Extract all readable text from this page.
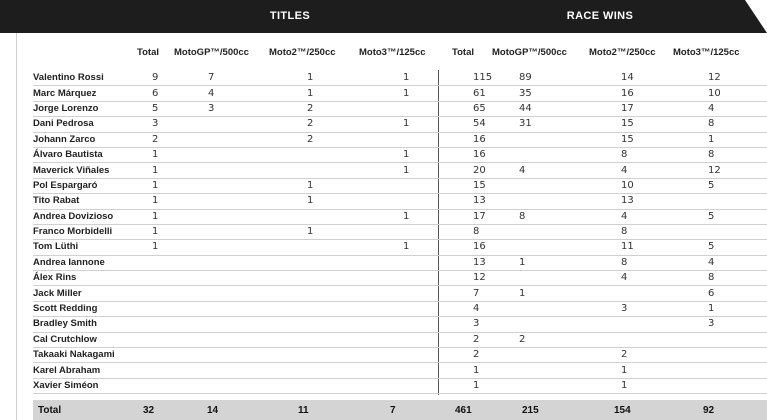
TITLES	RACE WINS
Total MotoGP™/500cc Moto2™/250cc Moto3™/125cc	Total MotoGP™/500cc Moto2™/250cc Moto3™/125cc
Valentino Rossi	9	7	1	1	115	89	14	12
Marc Márquez	6	4	1	1	61	35	16	10
Jorge Lorenzo	5	3	2		65	44	17	4
Dani Pedrosa	3		2	1	54	31	15	8
Johann Zarco	2		2		16		15	1
Álvaro Bautista	1			1	16		8	8
Maverick Viñales	1			1	20	4	4	12
Pol Espargaró	1		1		15		10	5
Tito Rabat	1		1		13		13	
Andrea Dovizioso	1			1	17	8	4	5
Franco Morbidelli	1		1		8		8	
Tom Lüthi	1			1	16		11	5
Andrea Iannone					13	1	8	4
Álex Rins					12		4	8
Jack Miller					7	1		6
Scott Redding					4		3	1
Bradley Smith					3			3
Cal Crutchlow					2	2		
Takaaki Nakagami					2		2	
Karel Abraham					1		1	
Xavier Siméon					1		1	
Total	32	14	11	7	461	215	154	92
